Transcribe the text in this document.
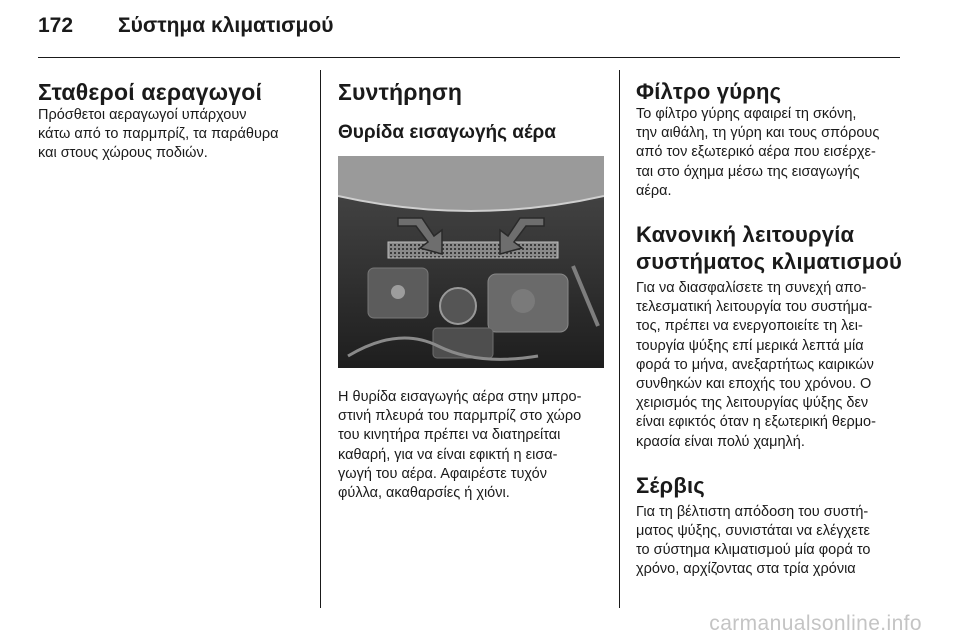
172 Σύστημα κλιματισμού
Σταθεροί αεραγωγοί

Πρόσθετοι αεραγωγοί υπάρχουν
κάτω από το παρμπρίζ, τα παράθυρα
και στους χώρους ποδιών.

Συντήρηση
Θυρίδα εισαγωγής αέρα

Η θυρίδα εισαγωγής αέρα στην μπρο-
στινή πλευρά του παρμπρίζ στο χώρο
του κινητήρα πρέπει να διατηρείται
καθαρή, για να είναι εφικτή η εισα-
γωγή του αέρα. Αφαιρέστε τυχόν
φύλλα, ακαθαρσίες ή χιόνι.

Φίλτρο γύρης

Το φίλτρο γύρης αφαιρεί τη σκόνη,
την αιθάλη, τη γύρη και τους σπόρους
από τον εξωτερικό αέρα που εισέρχε-
ται στο όχημα μέσω της εισαγωγής
αέρα.

Κανονική λειτουργία
συστήματος κλιματισμού

Για να διασφαλίσετε τη συνεχή απο-
τελεσματική λειτουργία του συστήμα-
τος, πρέπει να ενεργοποιείτε τη λει-
τουργία ψύξης επί μερικά λεπτά μία
φορά το μήνα, ανεξαρτήτως καιρικών
συνθηκών και εποχής του χρόνου. Ο
χειρισμός της λειτουργίας ψύξης δεν
είναι εφικτός όταν η εξωτερική θερμο-
κρασία είναι πολύ χαμηλή.

Σέρβις

Για τη βέλτιστη απόδοση του συστή-
ματος ψύξης, συνιστάται να ελέγχετε
το σύστημα κλιματισμού μία φορά το
χρόνο, αρχίζοντας στα τρία χρόνια

carmanualsonline.info
